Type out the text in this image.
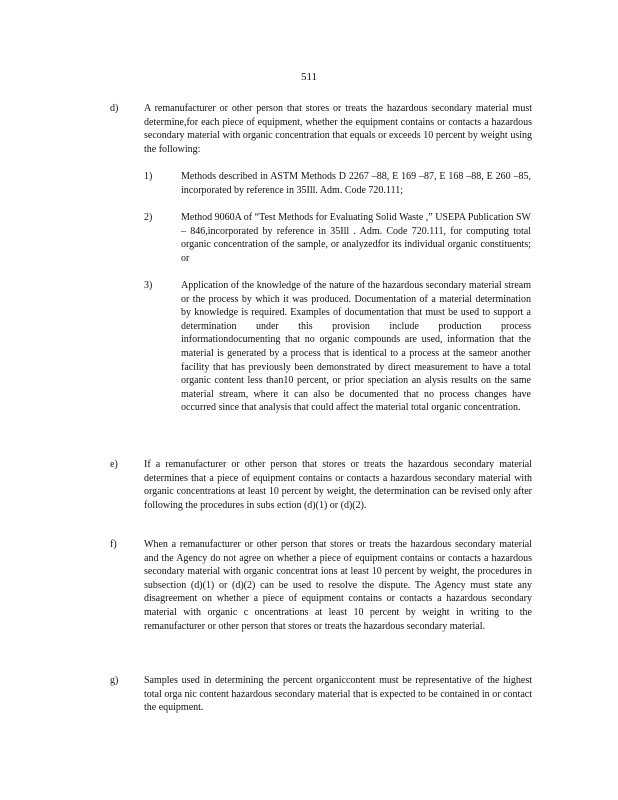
511
d)	A remanufacturer or other person that stores or treats the hazardous secondary material must determine,for each piece of equipment, whether the equipment contains or contacts a hazardous secondary material with organic concentration that equals or exceeds 10 percent by weight using the following:
1)	Methods described in ASTM Methods D 2267 –88, E 169 –87, E 168 –88, E 260 –85, incorporated by reference in 35Ill. Adm. Code 720.111;
2)	Method 9060A of “Test Methods for Evaluating Solid Waste ,” USEPA Publication SW – 846,incorporated by reference in 35Ill . Adm. Code 720.111, for computing total organic concentration of the sample, or analyzedfor its individual organic constituents; or
3)	Application of the knowledge of the nature of the hazardous secondary material stream or the process by which it was produced. Documentation of a material determination by knowledge is required. Examples of documentation that must be used to support a determination under this provision include production process informationdocumenting that no organic compounds are used, information that the material is generated by a process that is identical to a process at the sameor another facility that has previously been demonstrated by direct measurement to have a total organic content less than10 percent, or prior speciation an alysis results on the same material stream, where it can also be documented that no process changes have occurred since that analysis that could affect the material total organic concentration.
e)	If a remanufacturer or other person that stores or treats the hazardous secondary material determines that a piece of equipment contains or contacts a hazardous secondary material with organic concentrations at least 10 percent by weight, the determination can be revised only after following the procedures in subs ection (d)(1) or (d)(2).
f)	When a remanufacturer or other person that stores or treats the hazardous secondary material and the Agency do not agree on whether a piece of equipment contains or contacts a hazardous secondary material with organic concentrat ions at least 10 percent by weight, the procedures in subsection (d)(1) or (d)(2) can be used to resolve the dispute. The Agency must state any disagreement on whether a piece of equipment contains or contacts a hazardous secondary material with organic c oncentrations at least 10 percent by weight in writing to the remanufacturer or other person that stores or treats the hazardous secondary material.
g)	Samples used in determining the percent organiccontent must be representative of the highest total orga nic content hazardous secondary material that is expected to be contained in or contact the equipment.
